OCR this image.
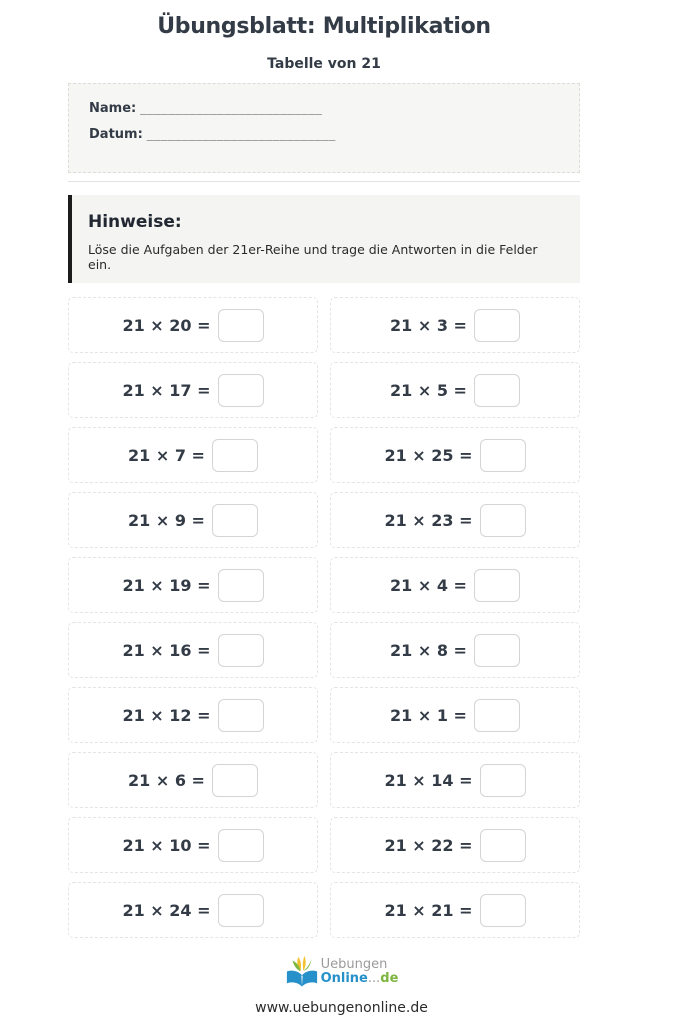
Übungsblatt: Multiplikation
Tabelle von 21
Name: __________________________
Datum: ___________________________
Hinweise:
Löse die Aufgaben der 21er-Reihe und trage die Antworten in die Felder ein.
21 × 20 =	21 × 3 =
21 × 17 =	21 × 5 =
21 × 7 =	21 × 25 =
21 × 9 =	21 × 23 =
21 × 19 =	21 × 4 =
21 × 16 =	21 × 8 =
21 × 12 =	21 × 1 =
21 × 6 =	21 × 14 =
21 × 10 =	21 × 22 =
21 × 24 =	21 × 21 =
Uebungen
Online...de
www.uebungenonline.de
